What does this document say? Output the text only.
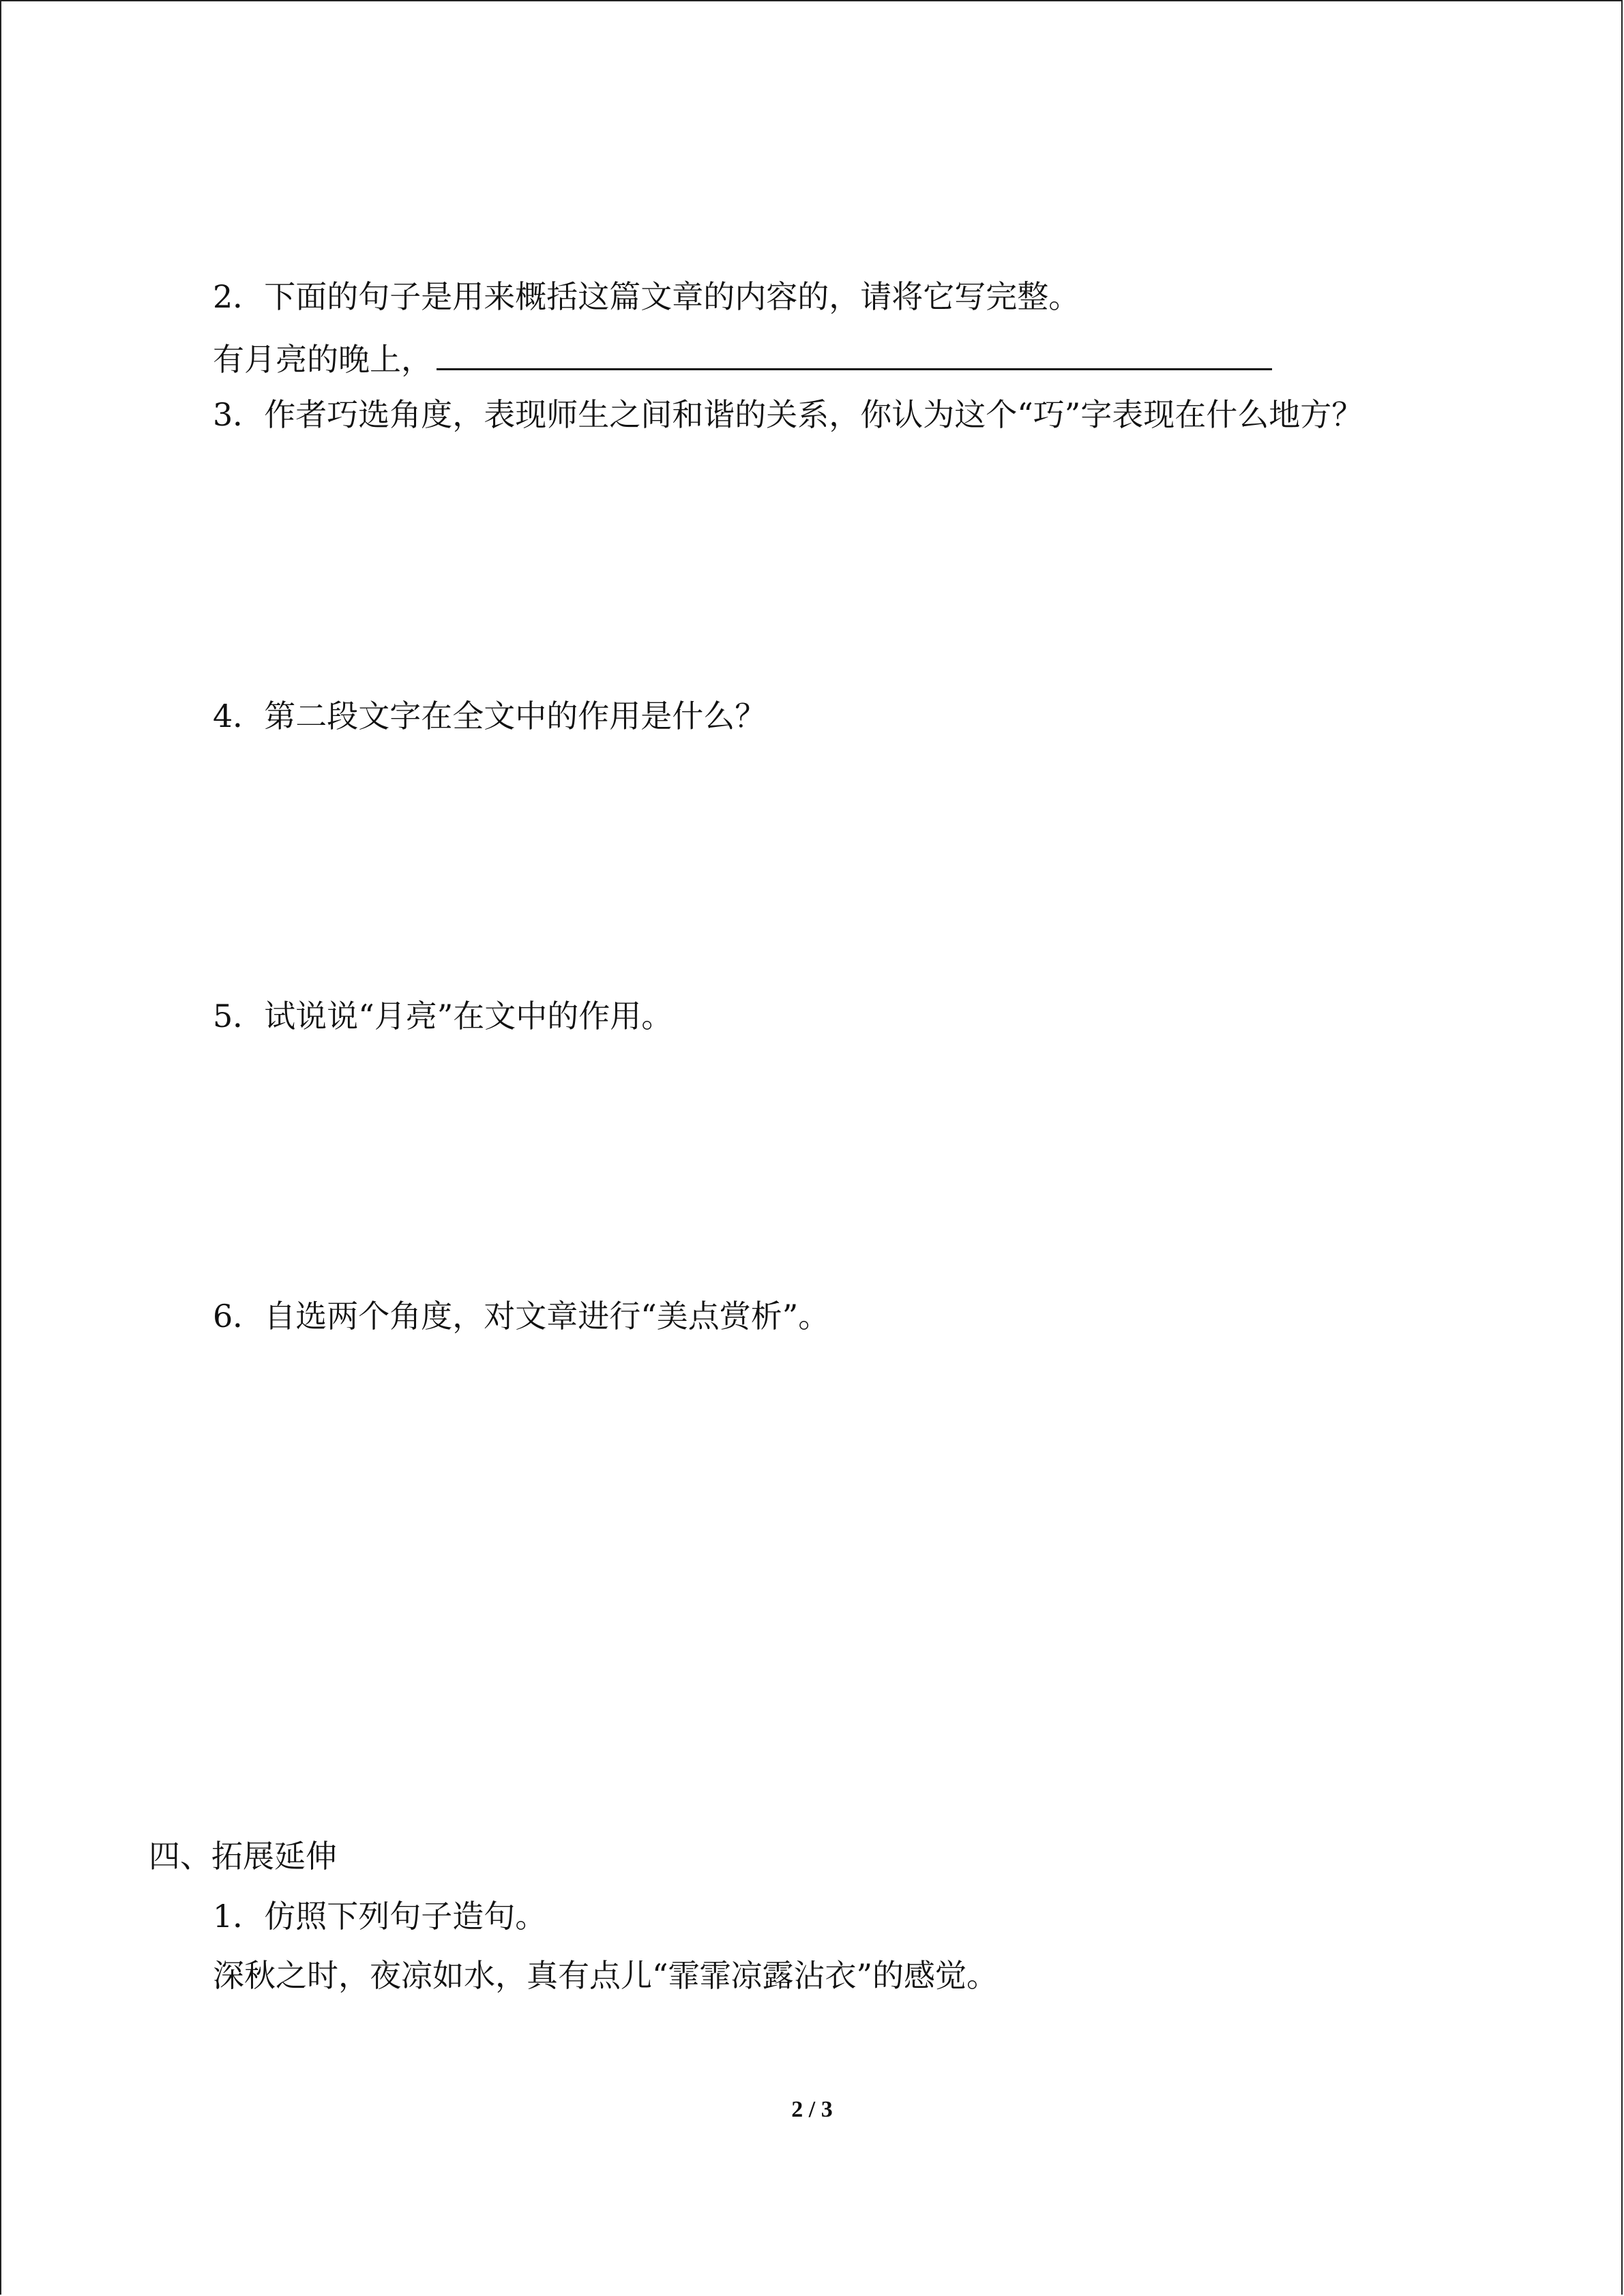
2．下面的句子是用来概括这篇文章的内容的，请将它写完整。
有月亮的晚上，
3．作者巧选角度，表现师生之间和谐的关系，你认为这个“巧”字表现在什么地方？
4．第二段文字在全文中的作用是什么？
5．试说说“月亮”在文中的作用。
6．自选两个角度，对文章进行“美点赏析”。
四、拓展延伸
1．仿照下列句子造句。
深秋之时，夜凉如水，真有点儿“霏霏凉露沾衣”的感觉。
2 / 3
